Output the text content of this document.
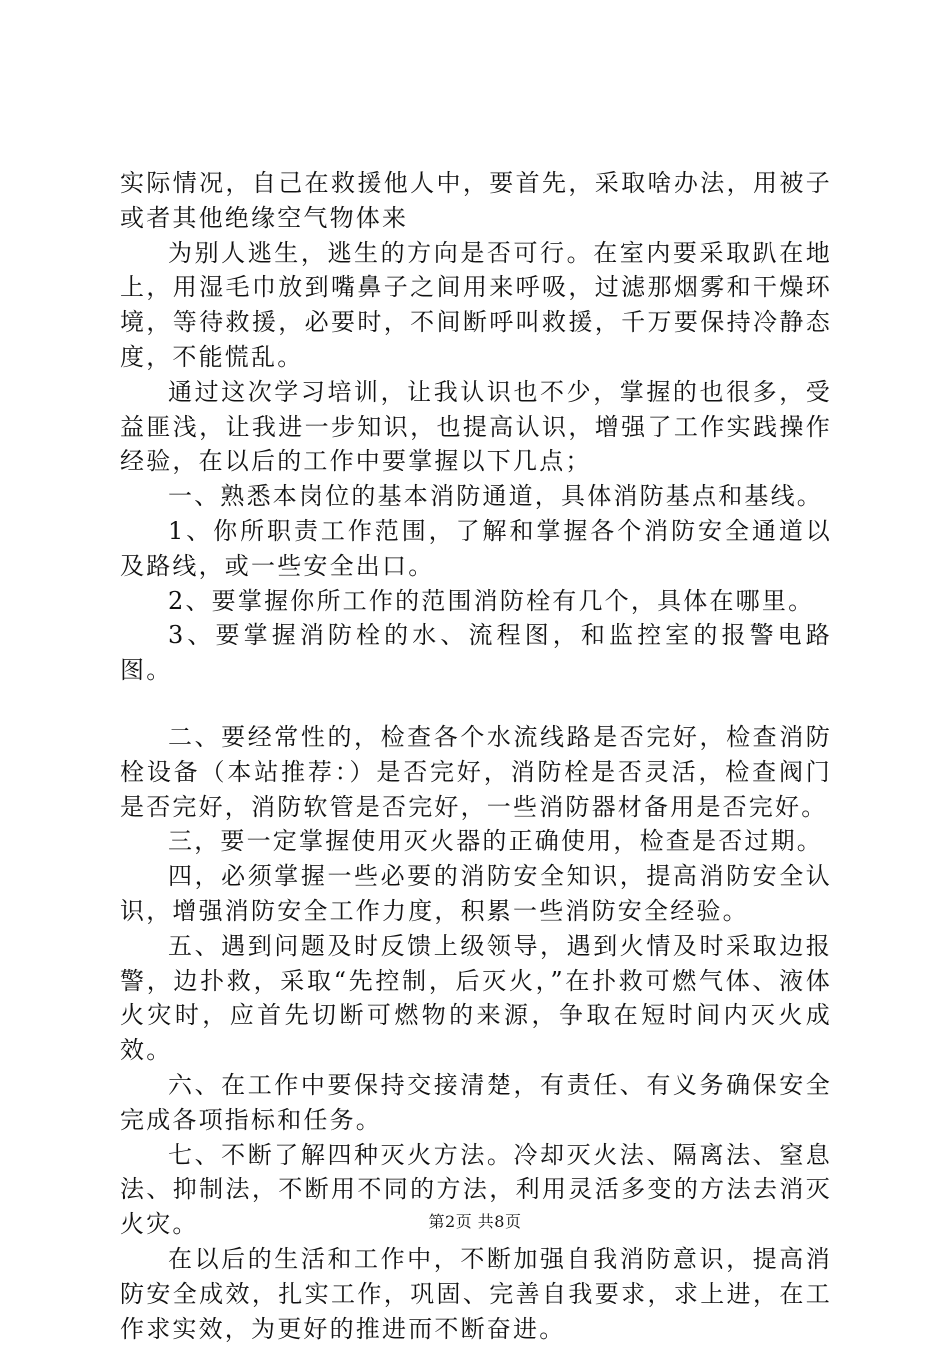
实际情况，自己在救援他人中，要首先，采取啥办法，用被子或者其他绝缘空气物体来

为别人逃生，逃生的方向是否可行。在室内要采取趴在地上，用湿毛巾放到嘴鼻子之间用来呼吸，过滤那烟雾和干燥环境，等待救援，必要时，不间断呼叫救援，千万要保持冷静态度，不能慌乱。

通过这次学习培训，让我认识也不少，掌握的也很多，受益匪浅，让我进一步知识，也提高认识，增强了工作实践操作经验，在以后的工作中要掌握以下几点；

一、熟悉本岗位的基本消防通道，具体消防基点和基线。

1、你所职责工作范围，了解和掌握各个消防安全通道以及路线，或一些安全出口。

2、要掌握你所工作的范围消防栓有几个，具体在哪里。

3、要掌握消防栓的水、流程图，和监控室的报警电路图。

二、要经常性的，检查各个水流线路是否完好，检查消防栓设备（本站推荐：）是否完好，消防栓是否灵活，检查阀门是否完好，消防软管是否完好，一些消防器材备用是否完好。

三，要一定掌握使用灭火器的正确使用，检查是否过期。

四，必须掌握一些必要的消防安全知识，提高消防安全认识，增强消防安全工作力度，积累一些消防安全经验。

五、遇到问题及时反馈上级领导，遇到火情及时采取边报警，边扑救，采取“先控制，后灭火，”在扑救可燃气体、液体火灾时，应首先切断可燃物的来源，争取在短时间内灭火成效。

六、在工作中要保持交接清楚，有责任、有义务确保安全完成各项指标和任务。

七、不断了解四种灭火方法。冷却灭火法、隔离法、窒息法、抑制法，不断用不同的方法，利用灵活多变的方法去消灭火灾。

在以后的生活和工作中，不断加强自我消防意识，提高消防安全成效，扎实工作，巩固、完善自我要求，求上进，在工作求实效，为更好的推进而不断奋进。

第2页 共8页
